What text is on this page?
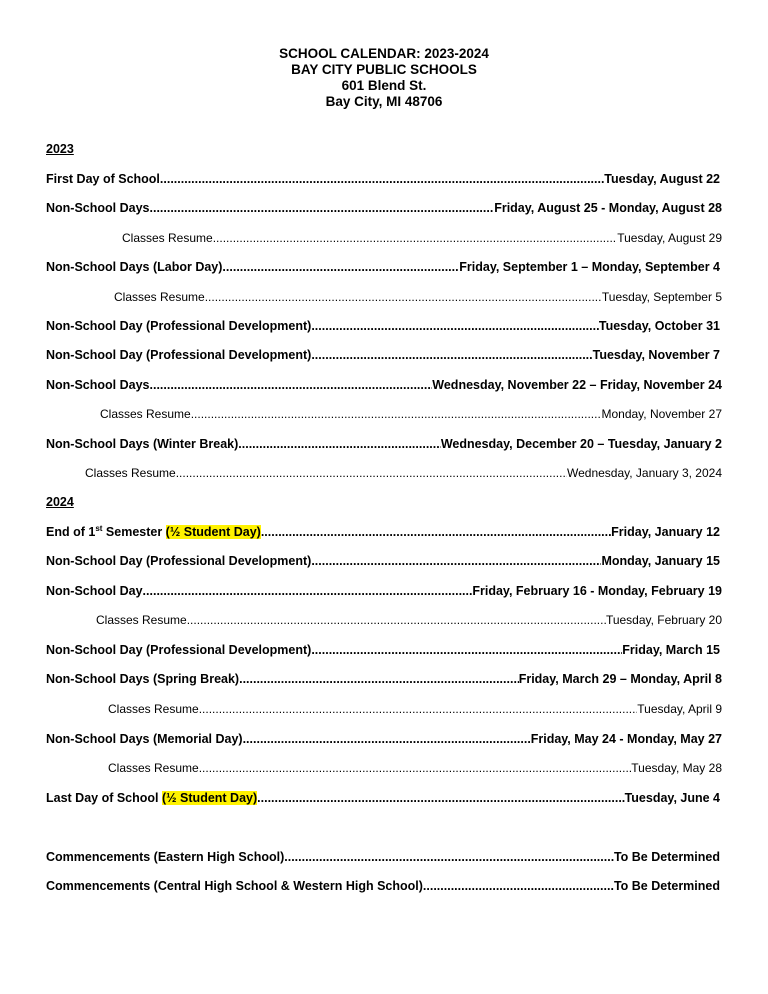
SCHOOL CALENDAR: 2023-2024
BAY CITY PUBLIC SCHOOLS
601 Blend St.
Bay City, MI 48706
2023
First Day of School .....	Tuesday, August 22
Non-School Days .....	Friday, August 25 - Monday, August 28
Classes Resume .....	Tuesday, August 29
Non-School Days (Labor Day) .....	Friday, September 1 – Monday, September 4
Classes Resume .....	Tuesday, September 5
Non-School Day (Professional Development) .....	Tuesday, October 31
Non-School Day (Professional Development) .....	Tuesday, November 7
Non-School Days .....	Wednesday, November 22 – Friday, November 24
Classes Resume .....	Monday, November 27
Non-School Days (Winter Break) .....	Wednesday, December 20 – Tuesday, January 2
Classes Resume .....	Wednesday, January 3, 2024
2024
End of 1st Semester (½ Student Day) .....	Friday, January 12
Non-School Day (Professional Development) .....	Monday, January 15
Non-School Day .....	Friday, February 16 - Monday, February 19
Classes Resume .....	Tuesday, February 20
Non-School Day (Professional Development) .....	Friday, March 15
Non-School Days (Spring Break) .....	Friday, March 29 – Monday, April 8
Classes Resume .....	Tuesday, April 9
Non-School Days (Memorial Day) .....	Friday, May 24 - Monday, May 27
Classes Resume .....	Tuesday, May 28
Last Day of School (½ Student Day) .....	Tuesday, June 4
Commencements (Eastern High School) .....	To Be Determined
Commencements (Central High School & Western High School) .....	To Be Determined
